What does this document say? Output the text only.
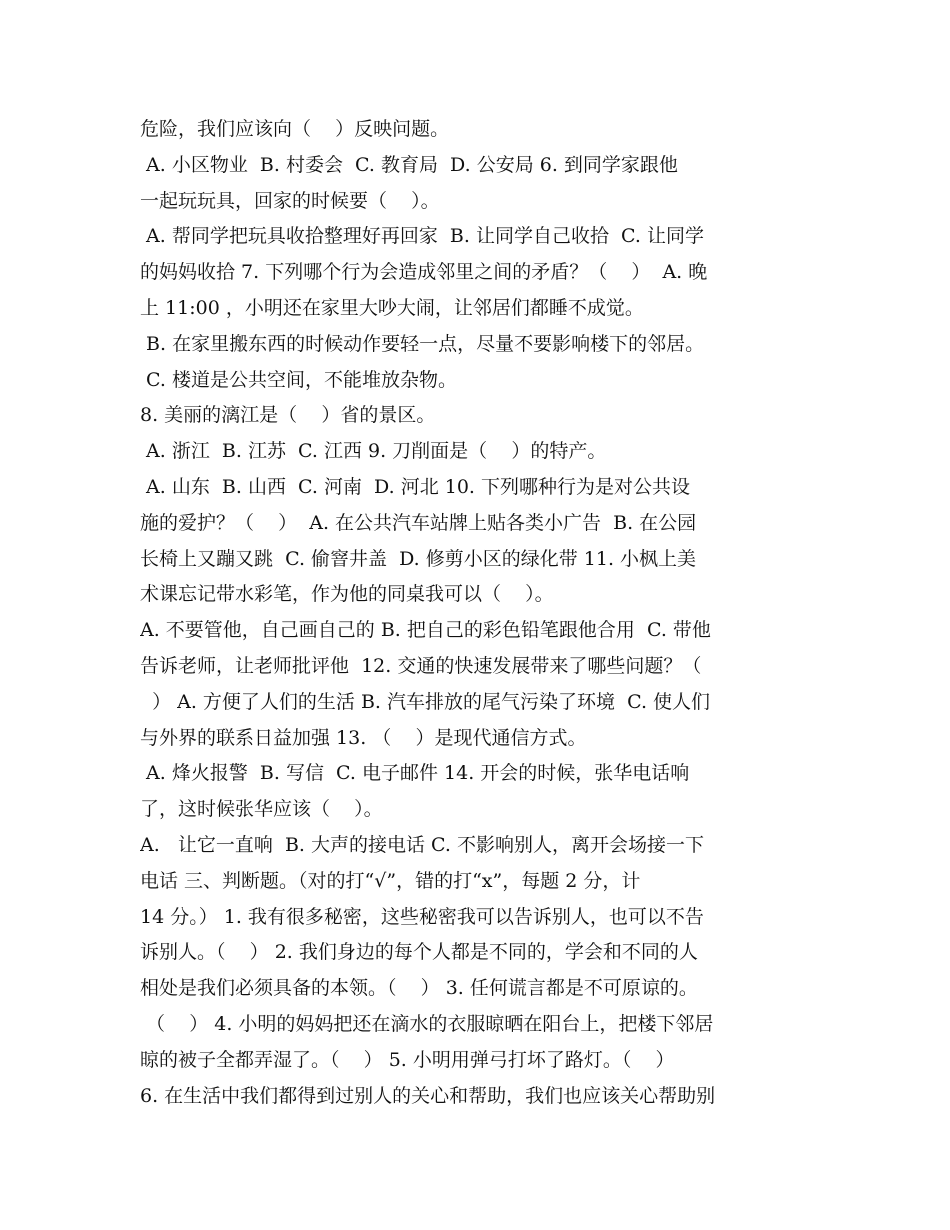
危险，我们应该向（    ）反映问题。
A. 小区物业  B. 村委会  C. 教育局  D. 公安局 6. 到同学家跟他
一起玩玩具，回家的时候要（    ）。
A. 帮同学把玩具收拾整理好再回家  B. 让同学自己收拾  C. 让同学
的妈妈收拾 7. 下列哪个行为会造成邻里之间的矛盾？（    ）  A. 晚
上 11:00 ，小明还在家里大吵大闹，让邻居们都睡不成觉。
B. 在家里搬东西的时候动作要轻一点，尽量不要影响楼下的邻居。
C. 楼道是公共空间，不能堆放杂物。
8. 美丽的漓江是（    ）省的景区。
A. 浙江  B. 江苏  C. 江西 9. 刀削面是（    ）的特产。
A. 山东  B. 山西  C. 河南  D. 河北 10. 下列哪种行为是对公共设
施的爱护？（    ）  A. 在公共汽车站牌上贴各类小广告  B. 在公园
长椅上又蹦又跳  C. 偷窨井盖  D. 修剪小区的绿化带 11. 小枫上美
术课忘记带水彩笔，作为他的同桌我可以（    ）。
A. 不要管他，自己画自己的 B. 把自己的彩色铅笔跟他合用  C. 带他
告诉老师，让老师批评他  12. 交通的快速发展带来了哪些问题？（
） A. 方便了人们的生活 B. 汽车排放的尾气污染了环境  C. 使人们
与外界的联系日益加强 13. （    ）是现代通信方式。
A. 烽火报警  B. 写信  C. 电子邮件 14. 开会的时候，张华电话响
了，这时候张华应该（    ）。
A.   让它一直响  B. 大声的接电话 C. 不影响别人，离开会场接一下
电话 三、判断题。（对的打“√”，错的打“x”，每题 2 分，计
14 分。） 1. 我有很多秘密，这些秘密我可以告诉别人，也可以不告
诉别人。（    ） 2. 我们身边的每个人都是不同的，学会和不同的人
相处是我们必须具备的本领。（    ） 3. 任何谎言都是不可原谅的。
（    ） 4. 小明的妈妈把还在滴水的衣服晾晒在阳台上，把楼下邻居
晾的被子全都弄湿了。（    ） 5. 小明用弹弓打坏了路灯。（    ）
6. 在生活中我们都得到过别人的关心和帮助，我们也应该关心帮助别
